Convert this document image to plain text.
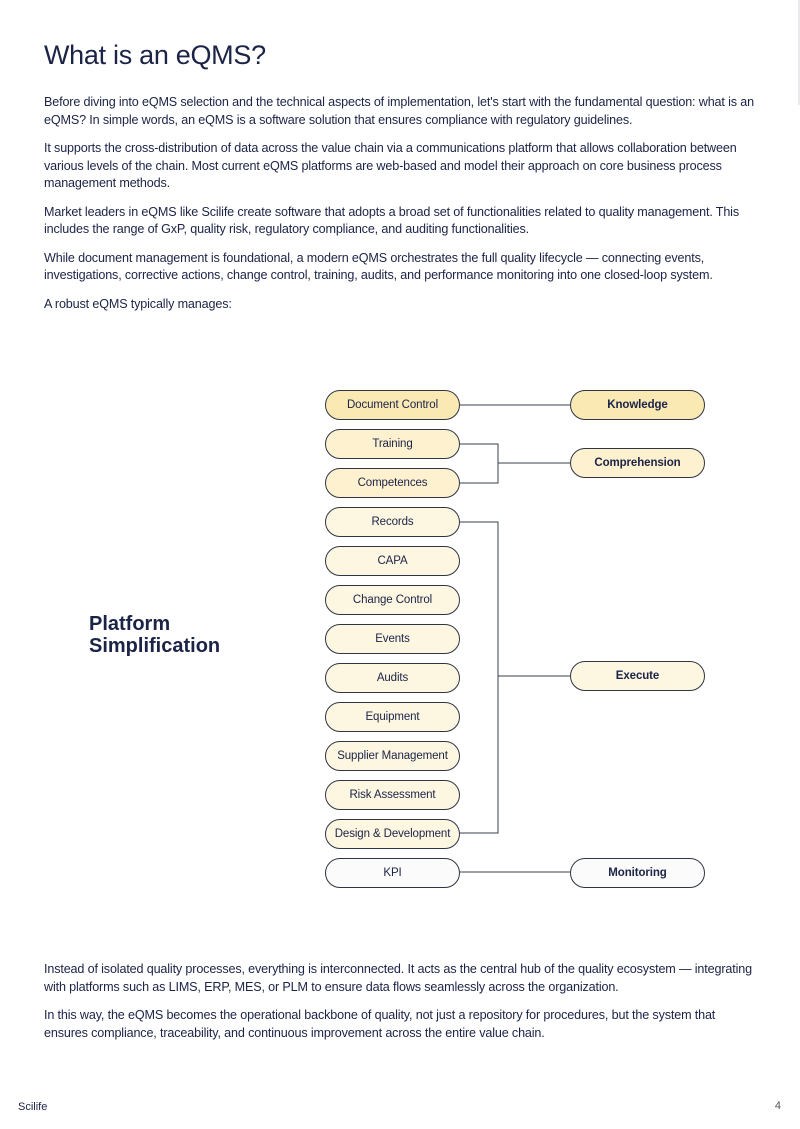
What is an eQMS?

Before diving into eQMS selection and the technical aspects of implementation, let's start with the fundamental question: what is an eQMS? In simple words, an eQMS is a software solution that ensures compliance with regulatory guidelines.

It supports the cross-distribution of data across the value chain via a communications platform that allows collaboration between various levels of the chain. Most current eQMS platforms are web-based and model their approach on core business process management methods.

Market leaders in eQMS like Scilife create software that adopts a broad set of functionalities related to quality management. This includes the range of GxP, quality risk, regulatory compliance, and auditing functionalities.

While document management is foundational, a modern eQMS orchestrates the full quality lifecycle — connecting events, investigations, corrective actions, change control, training, audits, and performance monitoring into one closed-loop system.

A robust eQMS typically manages:

Platform Simplification
Document Control
Training
Competences
Records
CAPA
Change Control
Events
Audits
Equipment
Supplier Management
Risk Assessment
Design & Development
KPI
Knowledge
Comprehension
Execute
Monitoring

Instead of isolated quality processes, everything is interconnected. It acts as the central hub of the quality ecosystem — integrating with platforms such as LIMS, ERP, MES, or PLM to ensure data flows seamlessly across the organization.

In this way, the eQMS becomes the operational backbone of quality, not just a repository for procedures, but the system that ensures compliance, traceability, and continuous improvement across the entire value chain.

Scilife	4
